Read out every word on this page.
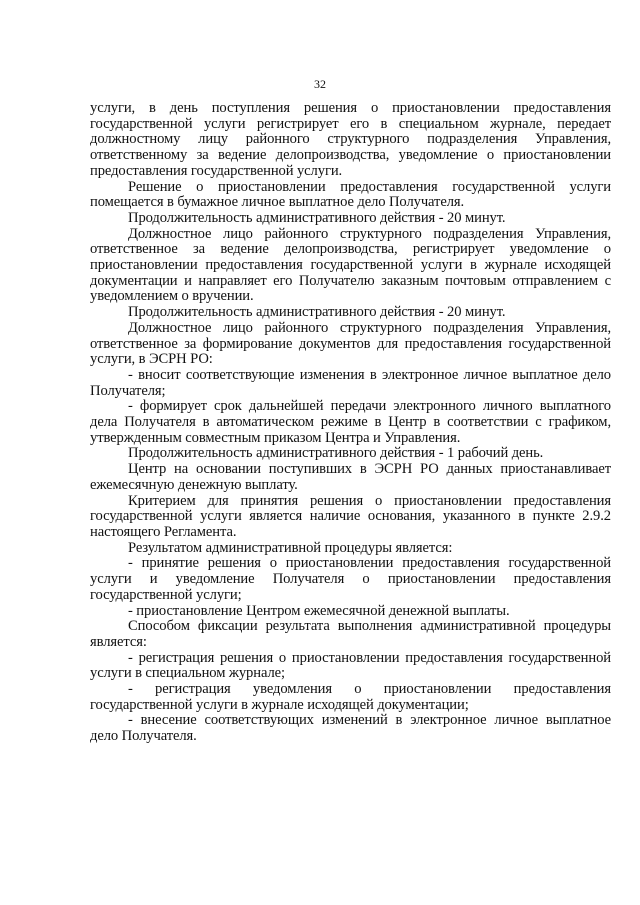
32

услуги, в день поступления решения о приостановлении предоставления государственной услуги регистрирует его в специальном журнале, передает должностному лицу районного структурного подразделения Управления, ответственному за ведение делопроизводства, уведомление о приостановлении предоставления государственной услуги.

Решение о приостановлении предоставления государственной услуги помещается в бумажное личное выплатное дело Получателя.

Продолжительность административного действия - 20 минут.

Должностное лицо районного структурного подразделения Управления, ответственное за ведение делопроизводства, регистрирует уведомление о приостановлении предоставления государственной услуги в журнале исходящей документации и направляет его Получателю заказным почтовым отправлением с уведомлением о вручении.

Продолжительность административного действия - 20 минут.

Должностное лицо районного структурного подразделения Управления, ответственное за формирование документов для предоставления государственной услуги, в ЭСРН РО:

- вносит соответствующие изменения в электронное личное выплатное дело Получателя;

- формирует срок дальнейшей передачи электронного личного выплатного дела Получателя в автоматическом режиме в Центр в соответствии с графиком, утвержденным совместным приказом Центра и Управления.

Продолжительность административного действия - 1 рабочий день.

Центр на основании поступивших в ЭСРН РО данных приостанавливает ежемесячную денежную выплату.

Критерием для принятия решения о приостановлении предоставления государственной услуги является наличие основания, указанного в пункте 2.9.2 настоящего Регламента.

Результатом административной процедуры является:

- принятие решения о приостановлении предоставления государственной услуги и уведомление Получателя о приостановлении предоставления государственной услуги;

- приостановление Центром ежемесячной денежной выплаты.

Способом фиксации результата выполнения административной процедуры является:

- регистрация решения о приостановлении предоставления государственной услуги в специальном журнале;

- регистрация уведомления о приостановлении предоставления государственной услуги в журнале исходящей документации;

- внесение соответствующих изменений в электронное личное выплатное дело Получателя.
